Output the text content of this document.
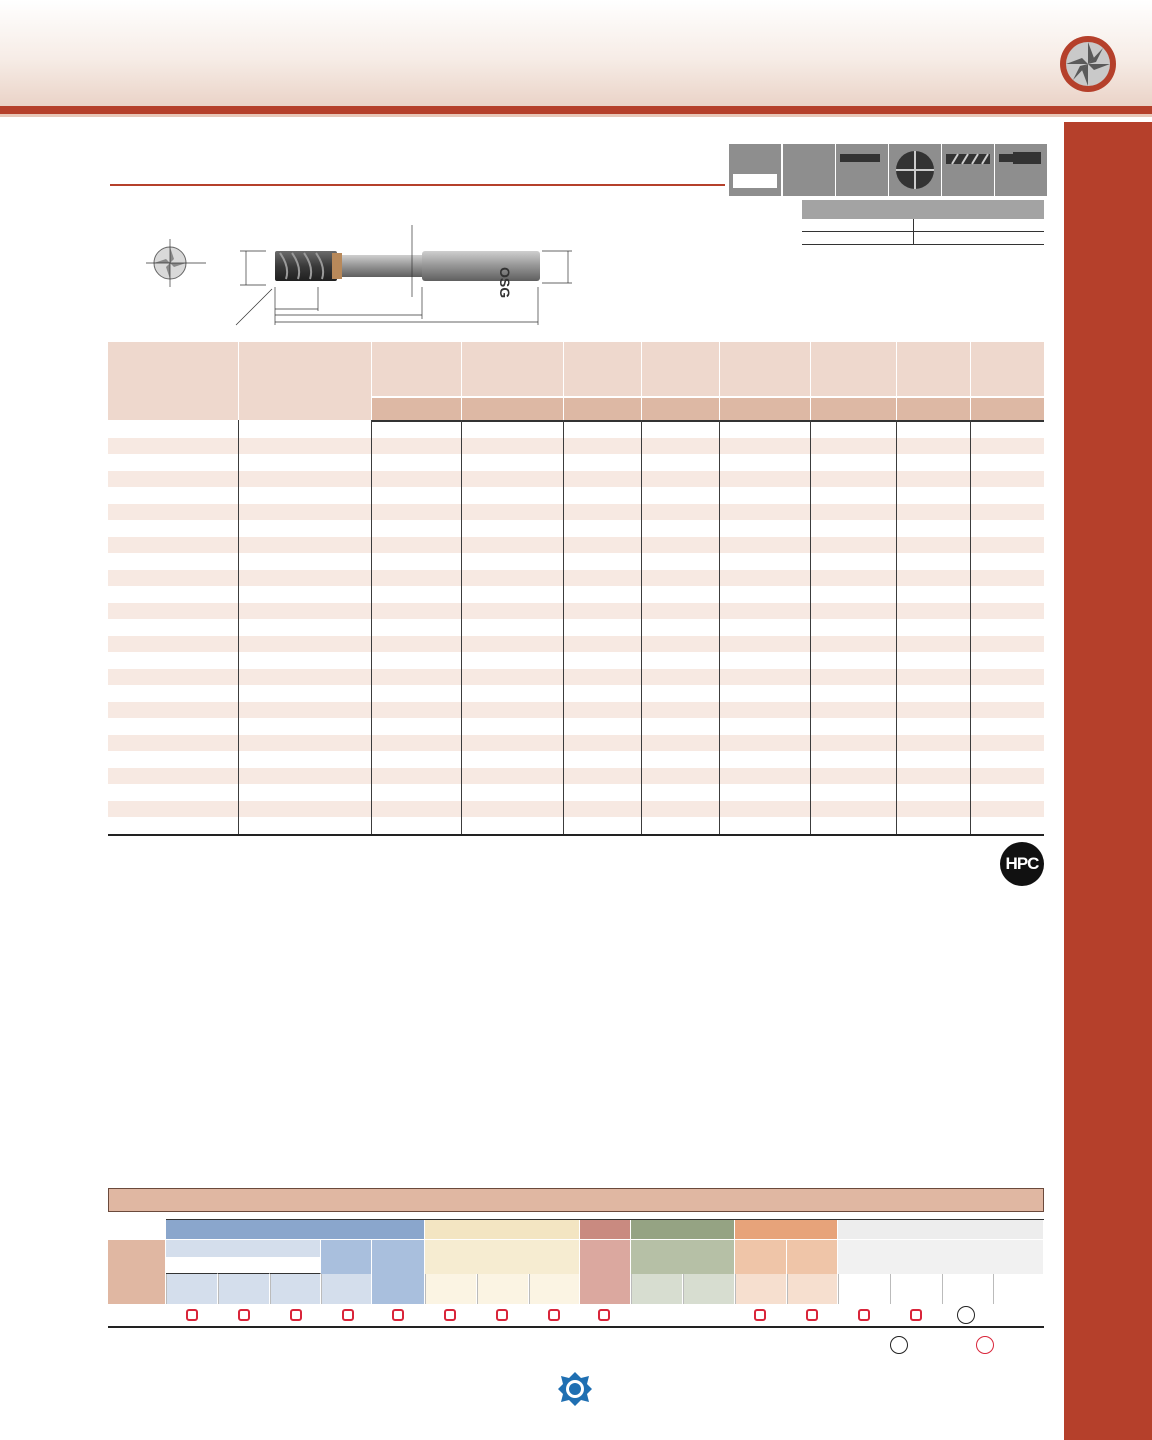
OSG
HPC
